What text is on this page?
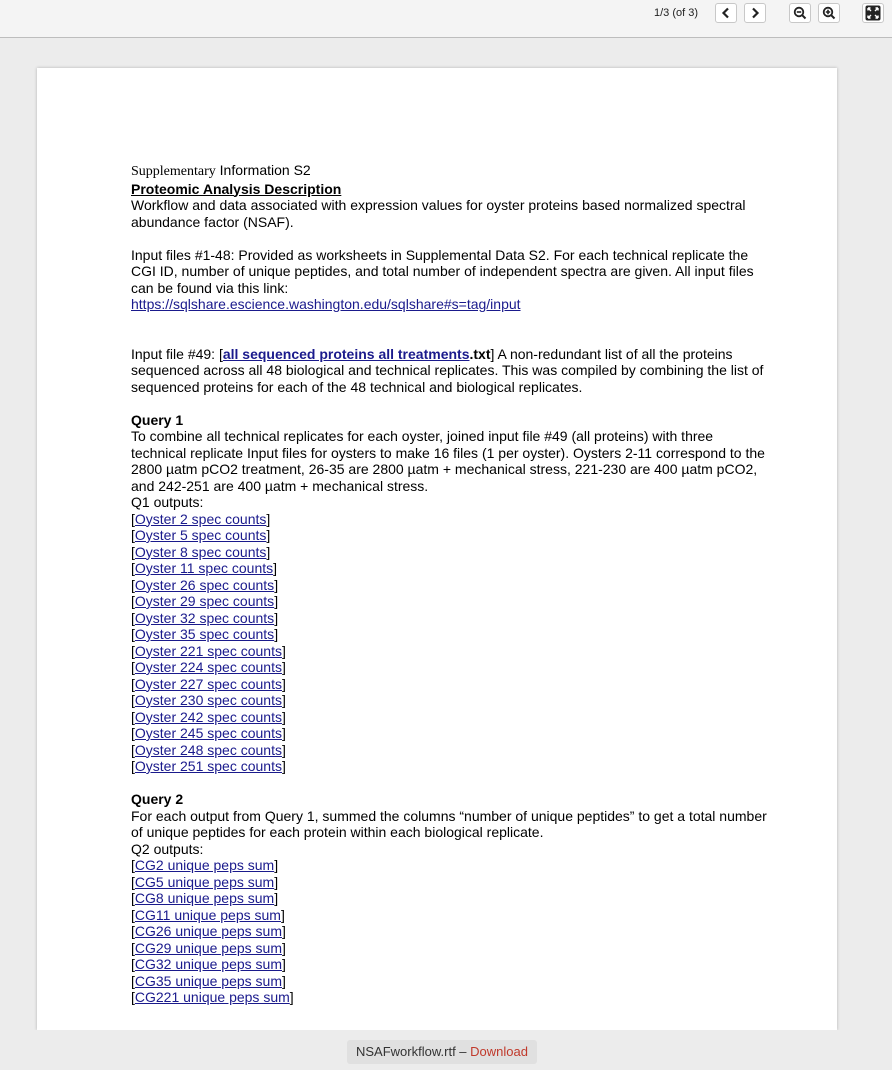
1/3 (of 3)

Supplementary Information S2

Proteomic Analysis Description

Workflow and data associated with expression values for oyster proteins based normalized spectral abundance factor (NSAF).

Input files #1-48: Provided as worksheets in Supplemental Data S2. For each technical replicate the CGI ID, number of unique peptides, and total number of independent spectra are given. All input files can be found via this link:

https://sqlshare.escience.washington.edu/sqlshare#s=tag/input

Input file #49: [all sequenced proteins all treatments.txt] A non-redundant list of all the proteins sequenced across all 48 biological and technical replicates. This was compiled by combining the list of sequenced proteins for each of the 48 technical and biological replicates.

Query 1

To combine all technical replicates for each oyster, joined input file #49 (all proteins) with three technical replicate Input files for oysters to make 16 files (1 per oyster). Oysters 2-11 correspond to the 2800 µatm pCO2 treatment, 26-35 are 2800 µatm + mechanical stress, 221-230 are 400 µatm pCO2, and 242-251 are 400 µatm + mechanical stress.

Q1 outputs:

[Oyster 2 spec counts]

[Oyster 5 spec counts]

[Oyster 8 spec counts]

[Oyster 11 spec counts]

[Oyster 26 spec counts]

[Oyster 29 spec counts]

[Oyster 32 spec counts]

[Oyster 35 spec counts]

[Oyster 221 spec counts]

[Oyster 224 spec counts]

[Oyster 227 spec counts]

[Oyster 230 spec counts]

[Oyster 242 spec counts]

[Oyster 245 spec counts]

[Oyster 248 spec counts]

[Oyster 251 spec counts]

Query 2

For each output from Query 1, summed the columns “number of unique peptides” to get a total number of unique peptides for each protein within each biological replicate.

Q2 outputs:

[CG2 unique peps sum]

[CG5 unique peps sum]

[CG8 unique peps sum]

[CG11 unique peps sum]

[CG26 unique peps sum]

[CG29 unique peps sum]

[CG32 unique peps sum]

[CG35 unique peps sum]

[CG221 unique peps sum]

NSAFworkflow.rtf – Download
